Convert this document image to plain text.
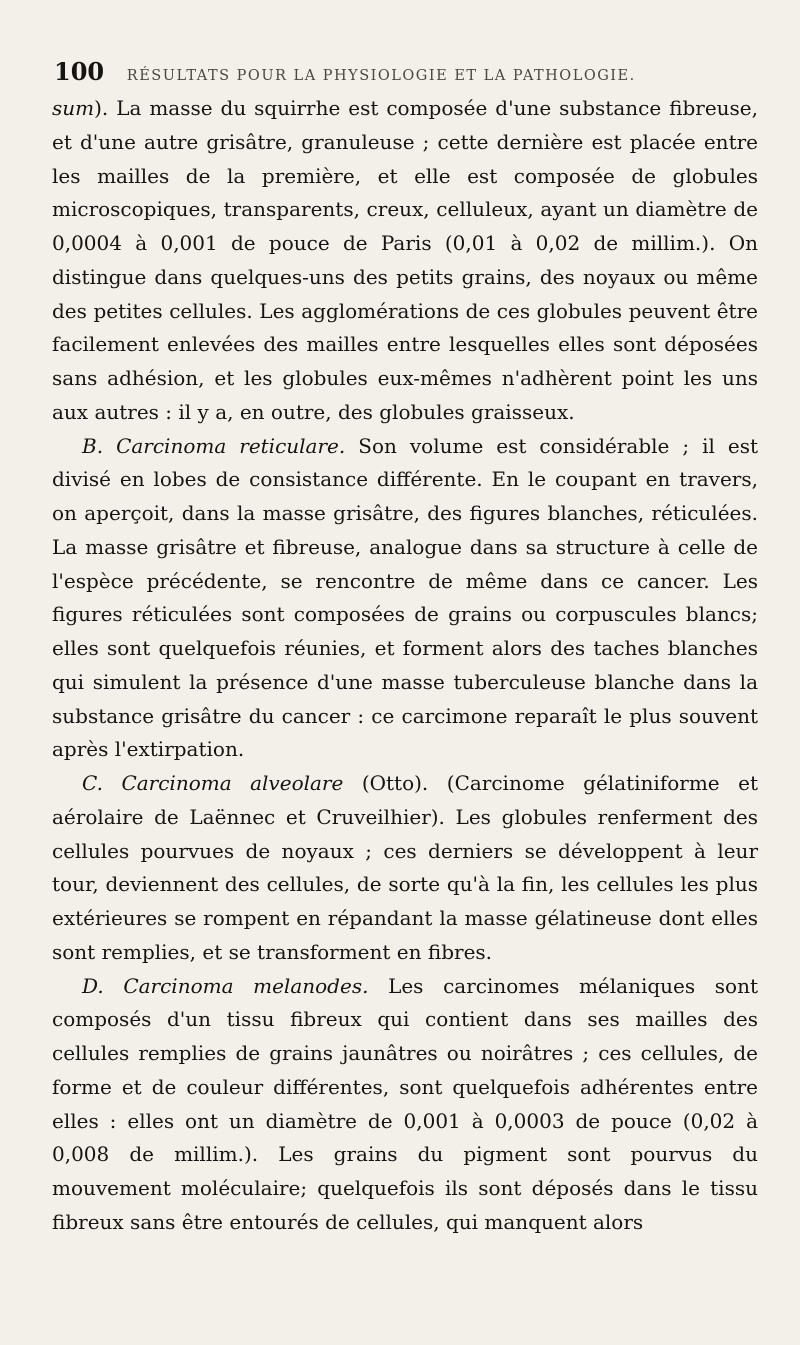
100 RÉSULTATS POUR LA PHYSIOLOGIE ET LA PATHOLOGIE.

sum). La masse du squirrhe est composée d'une substance fibreuse, et d'une autre grisâtre, granuleuse ; cette dernière est placée entre les mailles de la première, et elle est composée de globules microscopiques, transparents, creux, celluleux, ayant un diamètre de 0,0004 à 0,001 de pouce de Paris (0,01 à 0,02 de millim.). On distingue dans quelques-uns des petits grains, des noyaux ou même des petites cellules. Les agglomérations de ces globules peuvent être facilement enlevées des mailles entre lesquelles elles sont déposées sans adhésion, et les globules eux-mêmes n'adhèrent point les uns aux autres : il y a, en outre, des globules graisseux.

B. Carcinoma reticulare. Son volume est considérable ; il est divisé en lobes de consistance différente. En le coupant en travers, on aperçoit, dans la masse grisâtre, des figures blanches, réticulées. La masse grisâtre et fibreuse, analogue dans sa structure à celle de l'espèce précédente, se rencontre de même dans ce cancer. Les figures réticulées sont composées de grains ou corpuscules blancs; elles sont quelquefois réunies, et forment alors des taches blanches qui simulent la présence d'une masse tuberculeuse blanche dans la substance grisâtre du cancer : ce carcimone reparaît le plus souvent après l'extirpation.

C. Carcinoma alveolare (Otto). (Carcinome gélatiniforme et aérolaire de Laënnec et Cruveilhier). Les globules renferment des cellules pourvues de noyaux ; ces derniers se développent à leur tour, deviennent des cellules, de sorte qu'à la fin, les cellules les plus extérieures se rompent en répandant la masse gélatineuse dont elles sont remplies, et se transforment en fibres.

D. Carcinoma melanodes. Les carcinomes mélaniques sont composés d'un tissu fibreux qui contient dans ses mailles des cellules remplies de grains jaunâtres ou noirâtres ; ces cellules, de forme et de couleur différentes, sont quelquefois adhérentes entre elles : elles ont un diamètre de 0,001 à 0,0003 de pouce (0,02 à 0,008 de millim.). Les grains du pigment sont pourvus du mouvement moléculaire; quelquefois ils sont déposés dans le tissu fibreux sans être entourés de cellules, qui manquent alors
